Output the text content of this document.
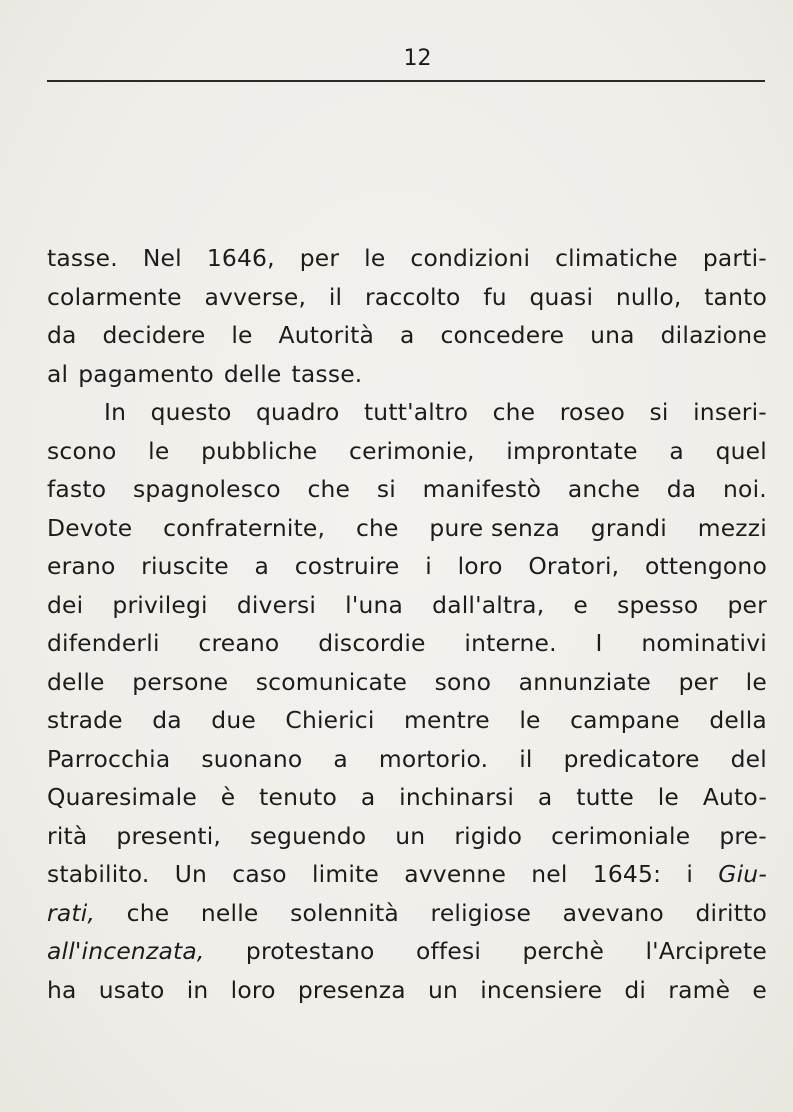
12
tasse. Nel 1646, per le condizioni climatiche parti-
colarmente avverse, il raccolto fu quasi nullo, tanto
da decidere le Autorità a concedere una dilazione
al pagamento delle tasse.
In questo quadro tutt'altro che roseo si inseri-
scono le pubbliche cerimonie, improntate a quel
fasto spagnolesco che si manifestò anche da noi.
Devote confraternite, che pure senza grandi mezzi
erano riuscite a costruire i loro Oratori, ottengono
dei privilegi diversi l'una dall'altra, e spesso per
difenderli creano discordie interne. I nominativi
delle persone scomunicate sono annunziate per le
strade da due Chierici mentre le campane della
Parrocchia suonano a mortorio. il predicatore del
Quaresimale è tenuto a inchinarsi a tutte le Auto-
rità presenti, seguendo un rigido cerimoniale pre-
stabilito. Un caso limite avvenne nel 1645: i Giu-
rati, che nelle solennità religiose avevano diritto
all'incenzata, protestano offesi perchè l'Arciprete
ha usato in loro presenza un incensiere di ramè e
